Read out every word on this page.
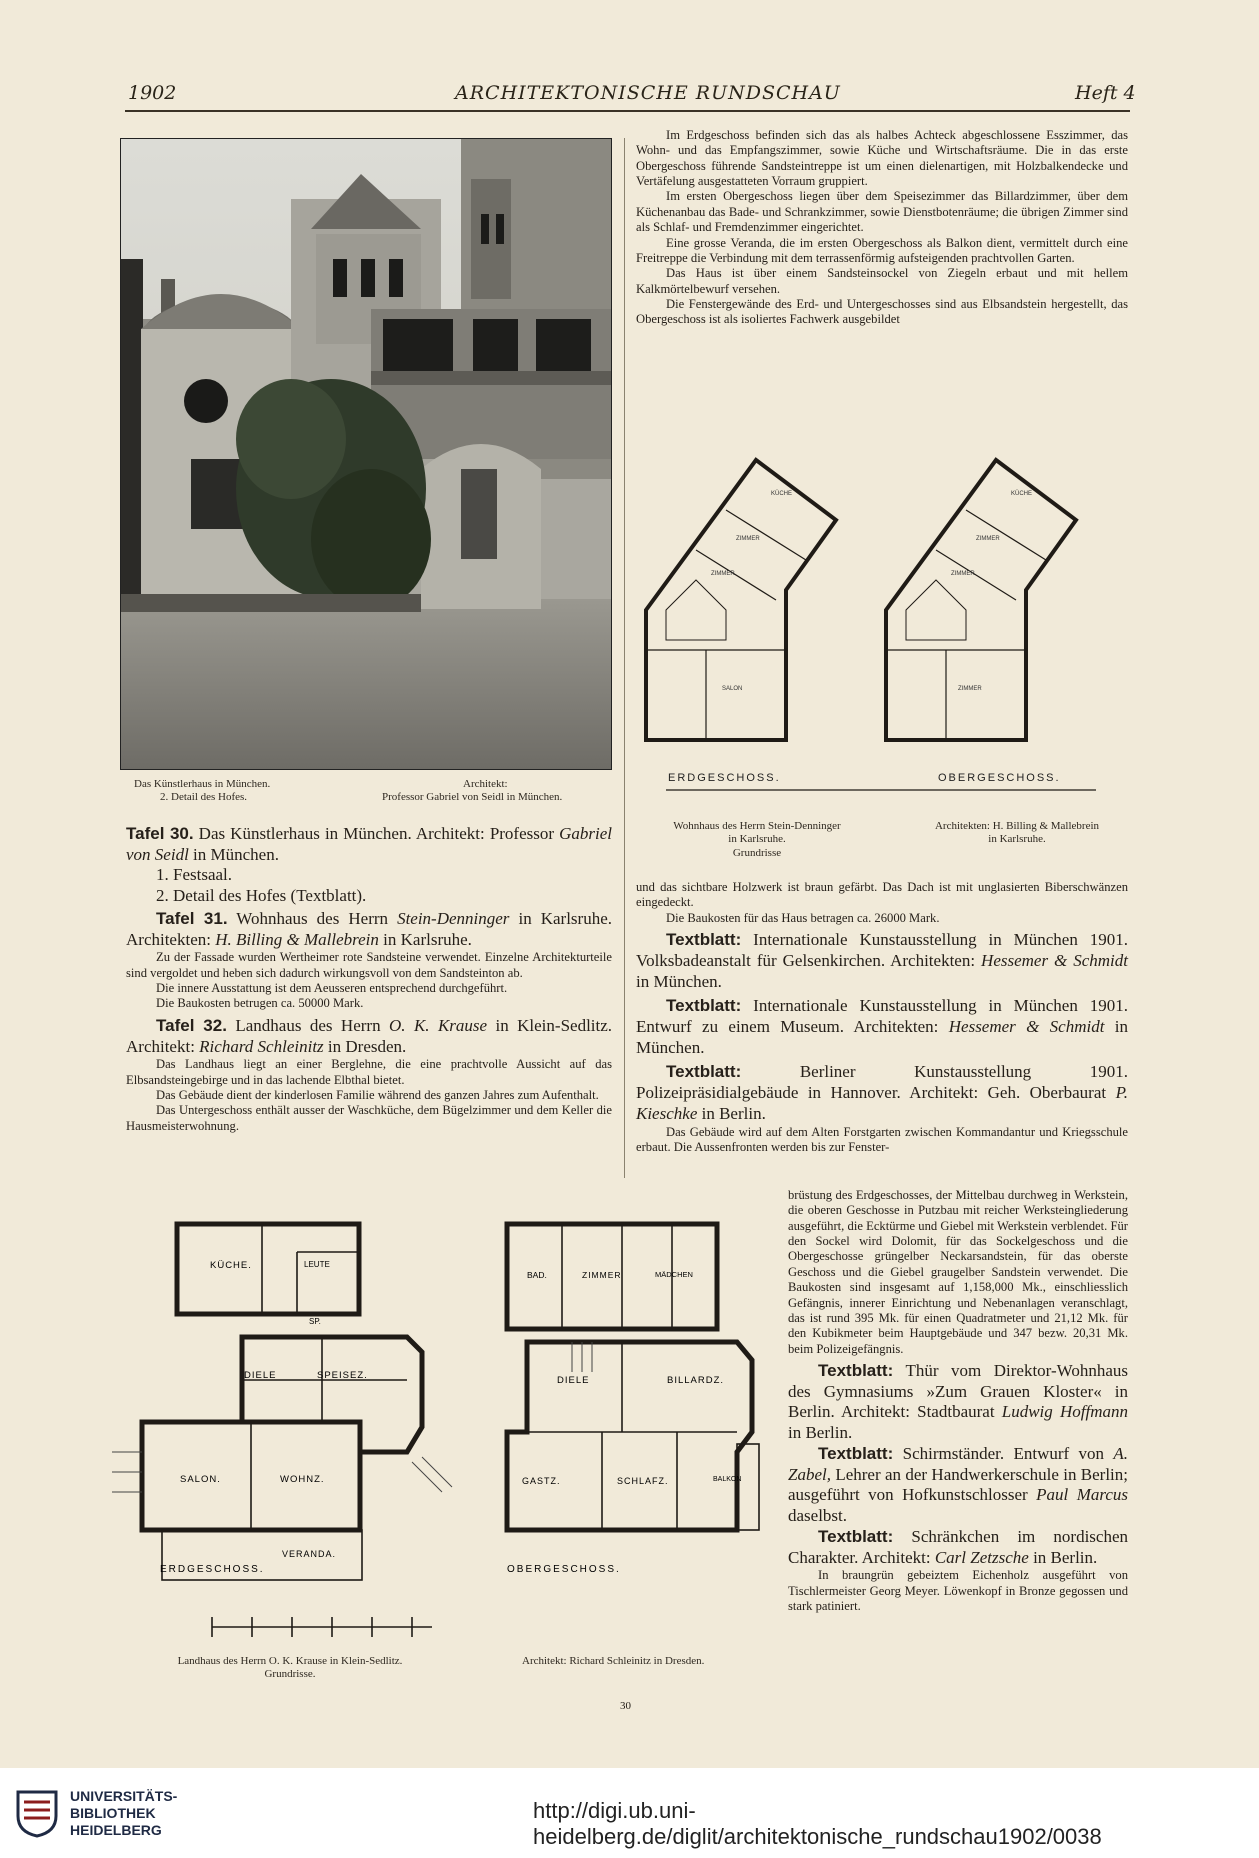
1902	ARCHITEKTONISCHE RUNDSCHAU	Heft 4
Das Künstlerhaus in München.
2. Detail des Hofes.
Architekt:
Professor Gabriel von Seidl in München.

Tafel 30. Das Künstlerhaus in München. Architekt: Professor Gabriel von Seidl in München.

1. Festsaal.

2. Detail des Hofes (Textblatt).

Tafel 31. Wohnhaus des Herrn Stein-Denninger in Karlsruhe. Architekten: H. Billing & Mallebrein in Karlsruhe.

Zu der Fassade wurden Wertheimer rote Sandsteine verwendet. Einzelne Architekturteile sind vergoldet und heben sich dadurch wirkungsvoll von dem Sandsteinton ab.

Die innere Ausstattung ist dem Aeusseren entsprechend durchgeführt.

Die Baukosten betrugen ca. 50000 Mark.

Tafel 32. Landhaus des Herrn O. K. Krause in Klein-Sedlitz. Architekt: Richard Schleinitz in Dresden.

Das Landhaus liegt an einer Berglehne, die eine prachtvolle Aussicht auf das Elbsandsteingebirge und in das lachende Elbthal bietet.

Das Gebäude dient der kinderlosen Familie während des ganzen Jahres zum Aufenthalt.

Das Untergeschoss enthält ausser der Waschküche, dem Bügelzimmer und dem Keller die Hausmeisterwohnung.

Im Erdgeschoss befinden sich das als halbes Achteck abgeschlossene Esszimmer, das Wohn- und das Empfangszimmer, sowie Küche und Wirtschaftsräume. Die in das erste Obergeschoss führende Sandsteintreppe ist um einen dielenartigen, mit Holzbalkendecke und Vertäfelung ausgestatteten Vorraum gruppiert.

Im ersten Obergeschoss liegen über dem Speisezimmer das Billardzimmer, über dem Küchenanbau das Bade- und Schrankzimmer, sowie Dienstbotenräume; die übrigen Zimmer sind als Schlaf- und Fremdenzimmer eingerichtet.

Eine grosse Veranda, die im ersten Obergeschoss als Balkon dient, vermittelt durch eine Freitreppe die Verbindung mit dem terrassenförmig aufsteigenden prachtvollen Garten.

Das Haus ist über einem Sandsteinsockel von Ziegeln erbaut und mit hellem Kalkmörtelbewurf versehen.

Die Fenstergewände des Erd- und Untergeschosses sind aus Elbsandstein hergestellt, das Obergeschoss ist als isoliertes Fachwerk ausgebildet

KÜCHE
ZIMMER
ZIMMER
KÜCHE
ZIMMER
ZIMMER
SALON	ZIMMER
ERDGESCHOSS.	OBERGESCHOSS.
Wohnhaus des Herrn Stein-Denninger
in Karlsruhe.
Grundrisse
Architekten: H. Billing & Mallebrein
in Karlsruhe.

und das sichtbare Holzwerk ist braun gefärbt. Das Dach ist mit unglasierten Biberschwänzen eingedeckt.

Die Baukosten für das Haus betragen ca. 26000 Mark.

Textblatt: Internationale Kunstausstellung in München 1901. Volksbadeanstalt für Gelsenkirchen. Architekten: Hessemer & Schmidt in München.

Textblatt: Internationale Kunstausstellung in München 1901. Entwurf zu einem Museum. Architekten: Hessemer & Schmidt in München.

Textblatt:	Berliner Kunstausstellung 1901. Polizeipräsidialgebäude in Hannover. Architekt: Geh. Oberbaurat P. Kieschke in Berlin.

Das Gebäude wird auf dem Alten Forstgarten zwischen Kommandantur und Kriegsschule erbaut. Die Aussenfronten werden bis zur Fenster-

brüstung des Erdgeschosses, der Mittelbau durchweg in Werkstein, die oberen Geschosse in Putzbau mit reicher Werksteingliederung ausgeführt, die Ecktürme und Giebel mit Werkstein verblendet. Für den Sockel wird Dolomit, für das Sockelgeschoss und die Obergeschosse grüngelber Neckarsandstein, für das oberste Geschoss und die Giebel graugelber Sandstein verwendet. Die Baukosten sind insgesamt auf 1,158,000 Mk., einschliesslich Gefängnis, innerer Einrichtung und Nebenanlagen veranschlagt, das ist rund 395 Mk. für einen Quadratmeter und 21,12 Mk. für den Kubikmeter beim Hauptgebäude und 347 bezw. 20,31 Mk. beim Polizeigefängnis.

Textblatt: Thür vom Direktor-Wohnhaus des Gymnasiums »Zum Grauen Kloster« in Berlin. Architekt: Stadtbaurat Ludwig Hoffmann in Berlin.

Textblatt: Schirmständer. Entwurf von A. Zabel, Lehrer an der Handwerkerschule in Berlin; ausgeführt von Hofkunstschlosser Paul Marcus daselbst.

Textblatt: Schränkchen im nordischen Charakter. Architekt: Carl Zetzsche in Berlin.

In braungrün gebeiztem Eichenholz ausgeführt von Tischlermeister Georg Meyer. Löwenkopf in Bronze gegossen und stark patiniert.

KÜCHE.	LEUTE
SP.
DIELE	SPEISEZ.
SALON.	WOHNZ.
VERANDA.
ERDGESCHOSS.
BAD.	ZIMMER	MÄDCHEN
DIELE	BILLARDZ.
GASTZ.	SCHLAFZ.	BALKON
OBERGESCHOSS.
Landhaus des Herrn O. K. Krause in Klein-Sedlitz.
Grundrisse.
Architekt: Richard Schleinitz in Dresden.
30
UNIVERSITÄTS-
BIBLIOTHEK
HEIDELBERG
http://digi.ub.uni-heidelberg.de/diglit/architektonische_rundschau1902/0038
